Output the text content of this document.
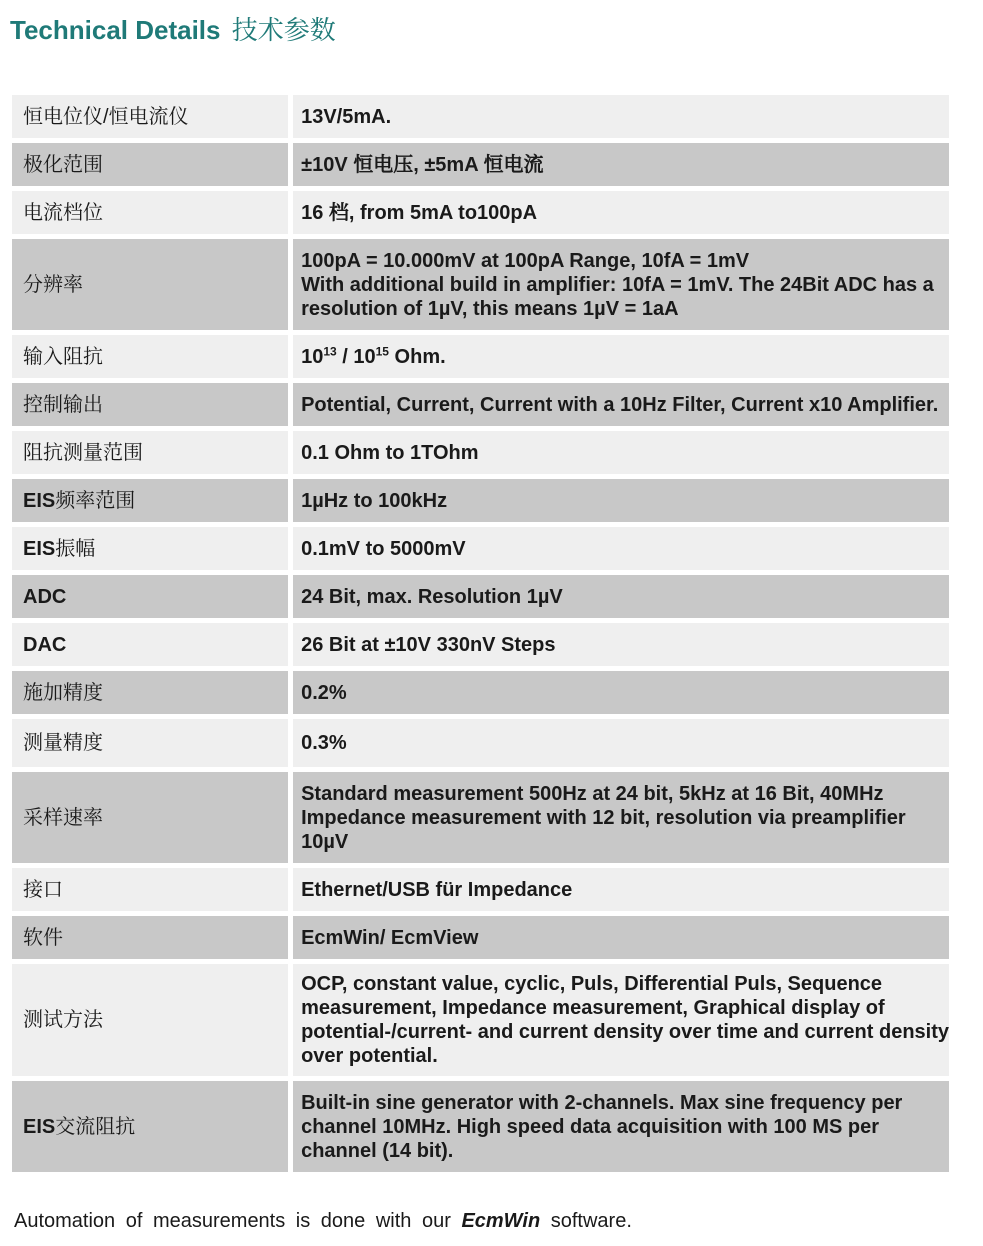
Technical Details 技术参数
恒电位仪/恒电流仪	13V/5mA.

极化范围	±10V 恒电压, ±5mA 恒电流

电流档位	16 档, from 5mA to100pA

分辨率	100pA = 10.000mV at 100pA Range, 10fA = 1mV
With additional build in amplifier: 10fA = 1mV. The 24Bit ADC has a
resolution of 1µV, this means 1µV = 1aA

输入阻抗	$10^{13} / 10^{15}$ Ohm.

控制输出	Potential, Current, Current with a 10Hz Filter, Current x10 Amplifier.

阻抗测量范围	0.1 Ohm to 1TOhm

EIS频率范围	1µHz to 100kHz

EIS振幅	0.1mV to 5000mV

ADC	24 Bit, max. Resolution 1µV

DAC	26 Bit at ±10V 330nV Steps

施加精度	0.2%

测量精度	0.3%

采样速率	Standard measurement 500Hz at 24 bit, 5kHz at 16 Bit, 40MHz
Impedance measurement with 12 bit, resolution via preamplifier
10µV

接口	Ethernet/USB für Impedance

软件	EcmWin/ EcmView

测试方法	OCP, constant value, cyclic, Puls, Differential Puls, Sequence
measurement, Impedance measurement, Graphical display of
potential-/current- and current density over time and current density
over potential.

EIS交流阻抗	Built-in sine generator with 2-channels. Max sine frequency per
channel 10MHz. High speed data acquisition with 100 MS per
channel (14 bit).
Automation of measurements is done with our EcmWin software.
